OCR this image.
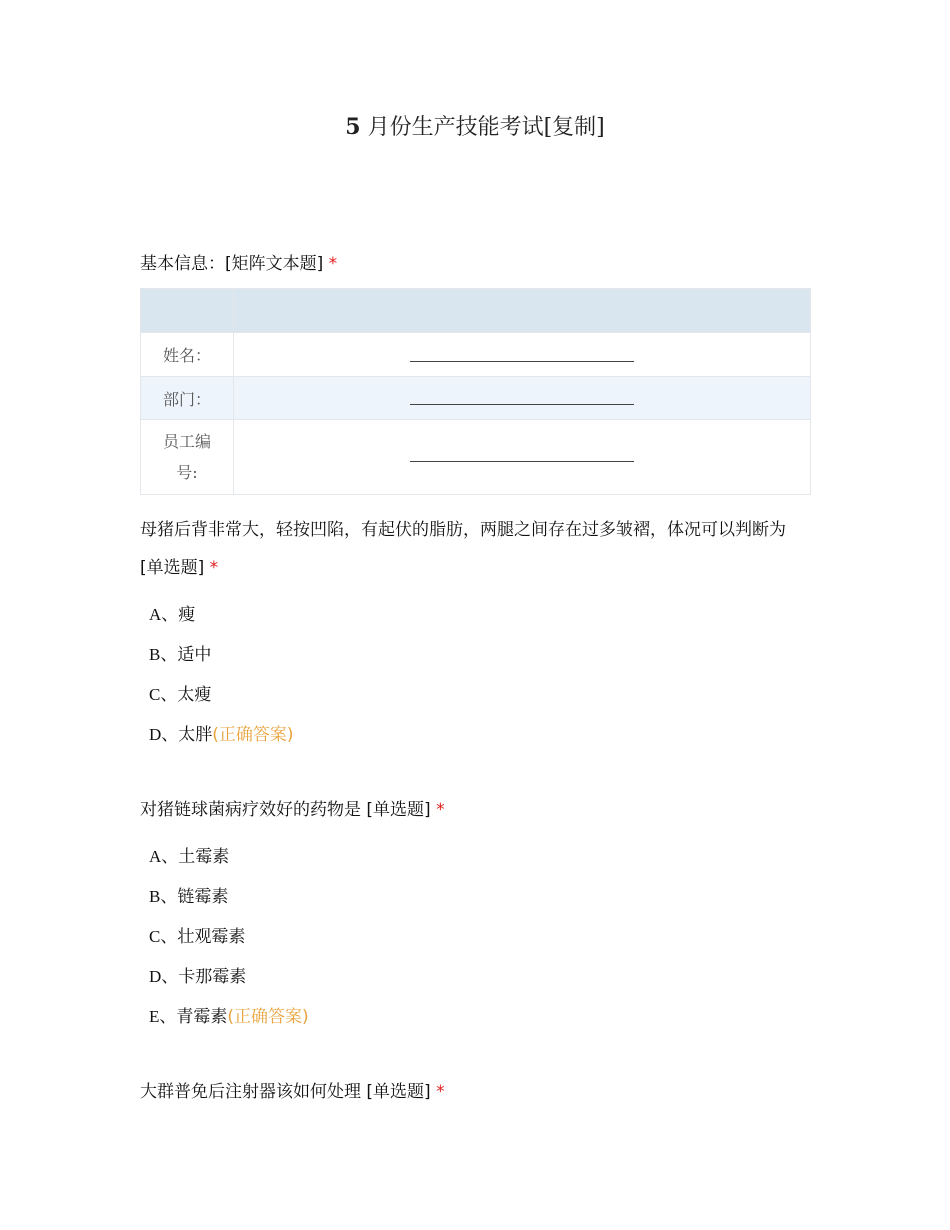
5 月份生产技能考试[复制]
基本信息：[矩阵文本题] *

姓名：	

部门：	

员工编
号:	

母猪后背非常大，轻按凹陷，有起伏的脂肪，两腿之间存在过多皱褶，体况可以判断为 [单选题] *
A、瘦
B、适中
C、太瘦
D、太胖(正确答案)
对猪链球菌病疗效好的药物是 [单选题] *
A、土霉素
B、链霉素
C、壮观霉素
D、卡那霉素
E、青霉素(正确答案)
大群普免后注射器该如何处理 [单选题] *
